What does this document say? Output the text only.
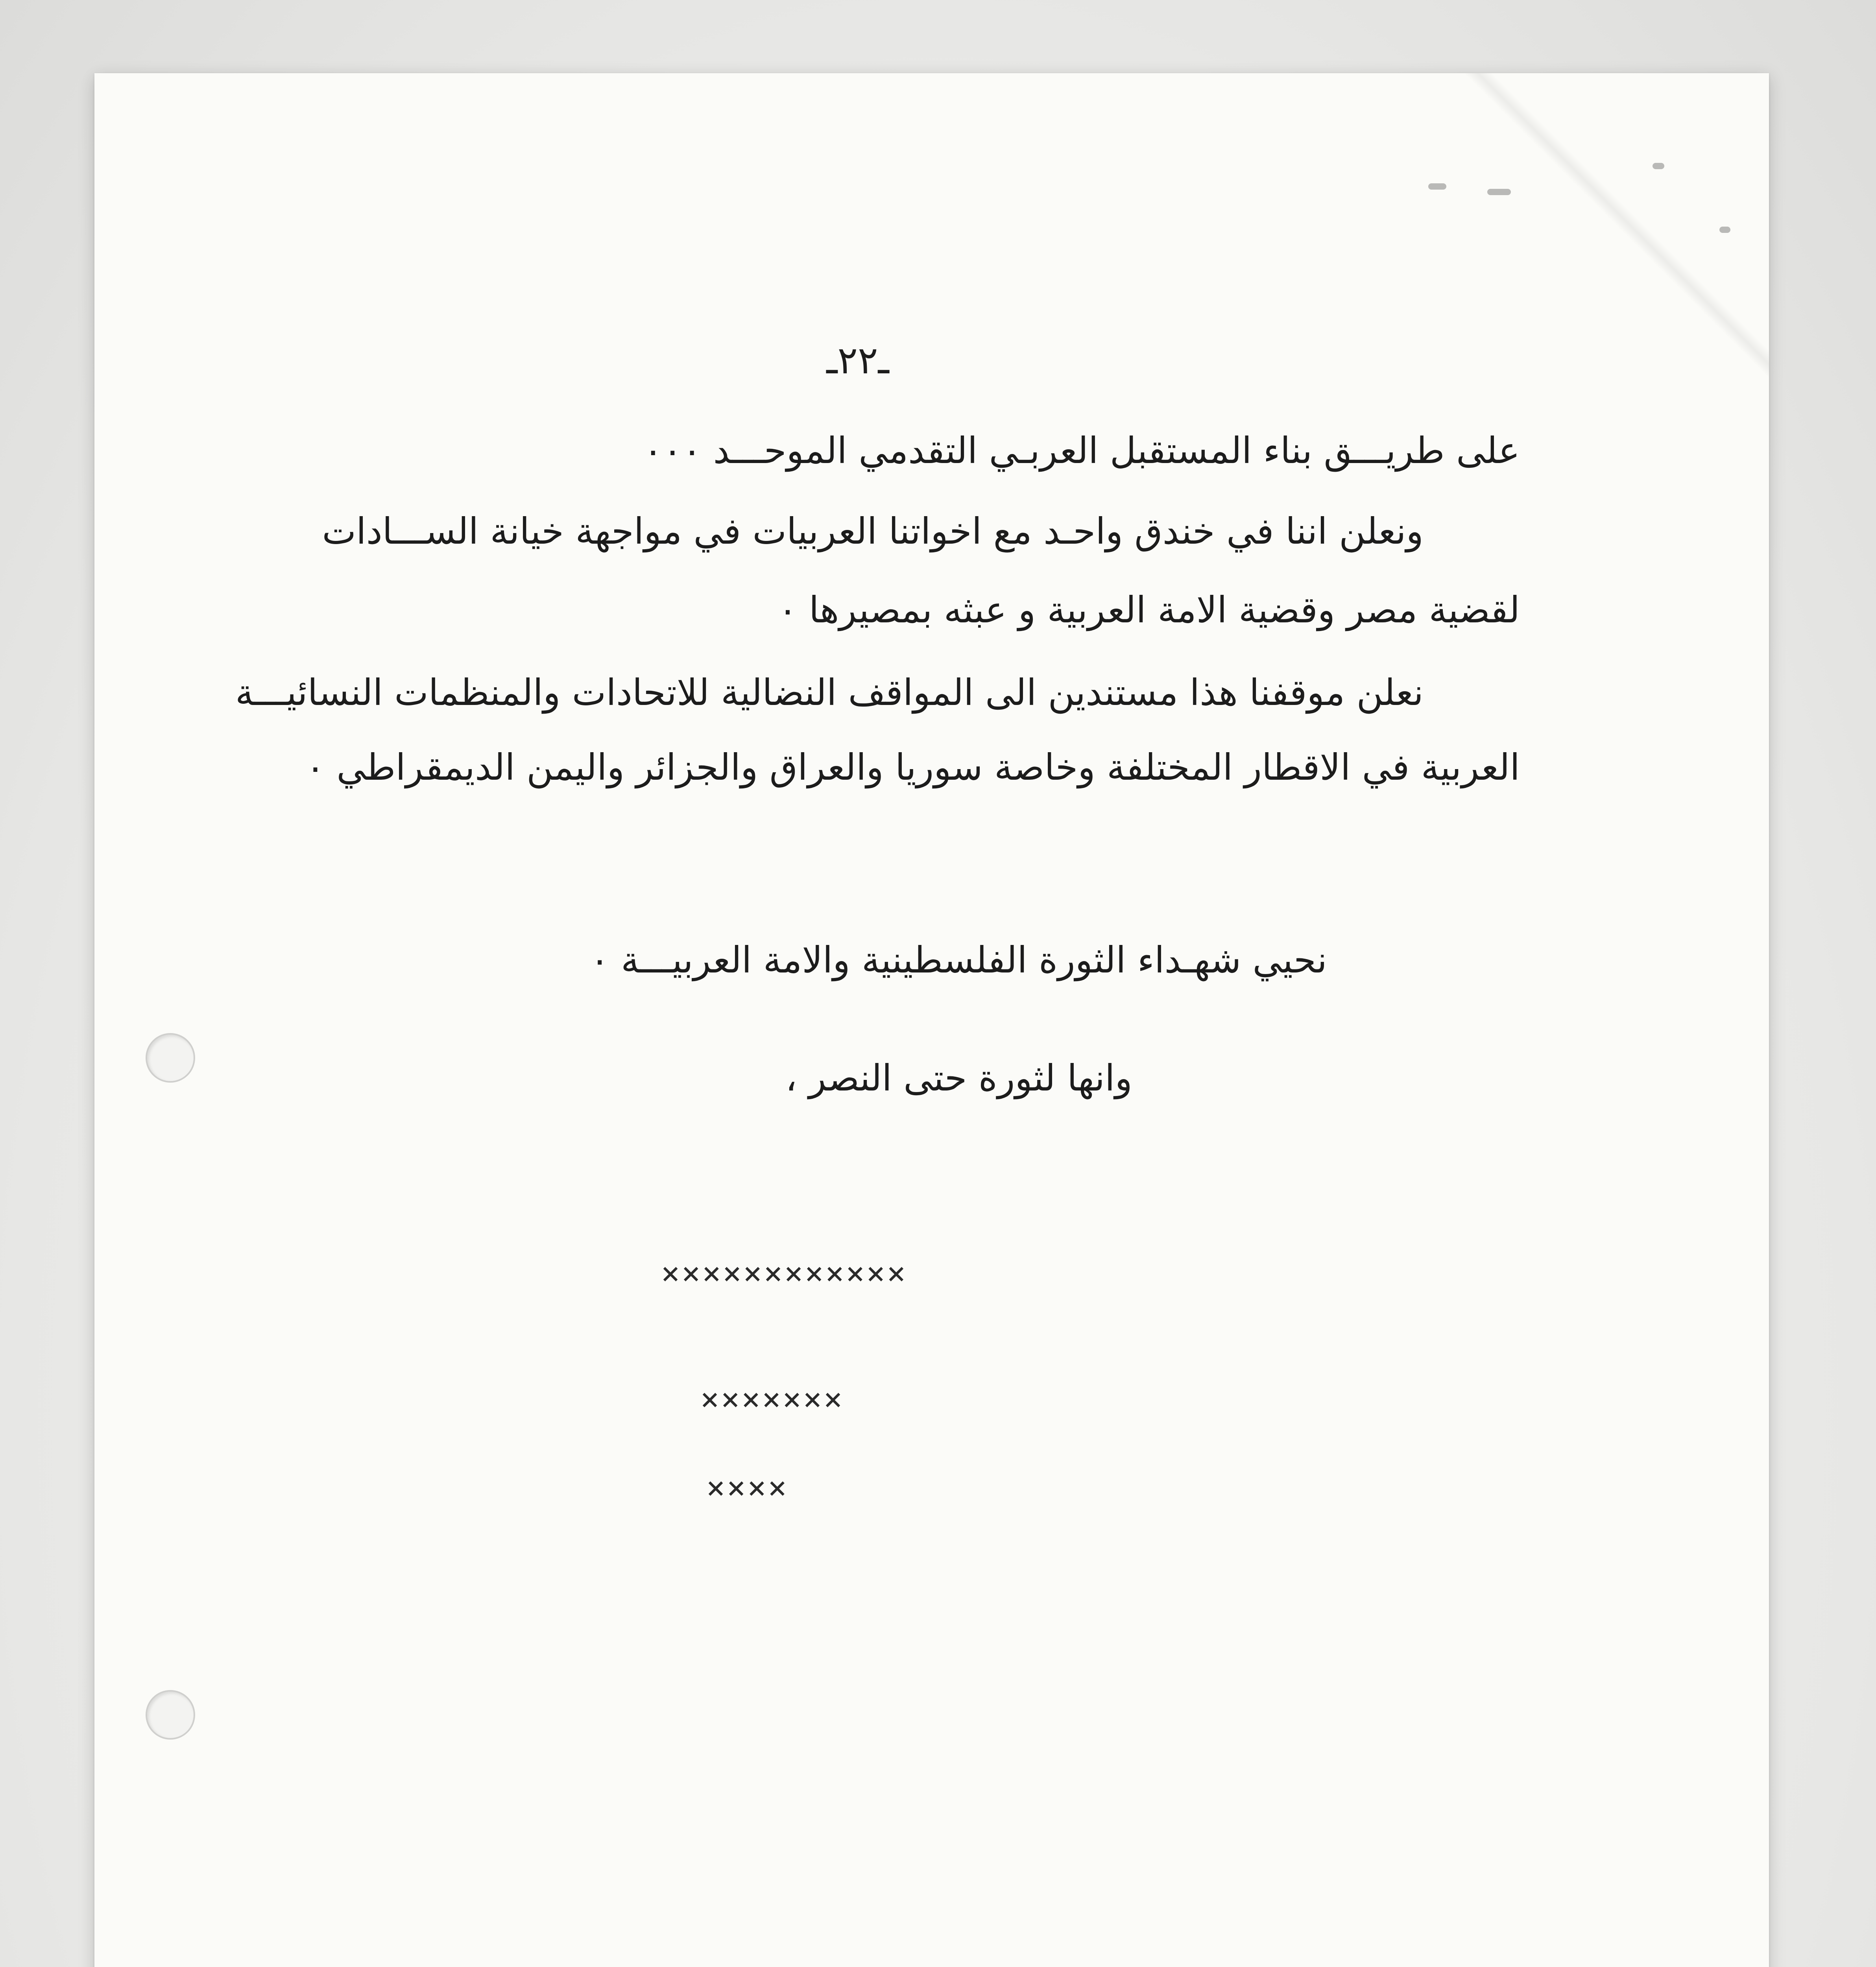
ـ٢٢ـ
على طريـــق بناء المستقبل العربـي التقدمي الموحـــد ٠٠٠
ونعلن اننا في خندق واحـد مع اخواتنا العربيات في مواجهة خيانة الســـادات
لقضية مصر وقضية الامة العربية و عبثه بمصيرها ٠
نعلن موقفنا هذا مستندين الى المواقف النضالية للاتحادات والمنظمات النسائيـــة
العربية في الاقطار المختلفة وخاصة سوريا والعراق والجزائر واليمن الديمقراطي ٠
نحيي شهـداء الثورة الفلسطينية والامة العربيـــة ٠
وانها لثورة حتى النصر ،
××××××××××××
×××××××
××××
